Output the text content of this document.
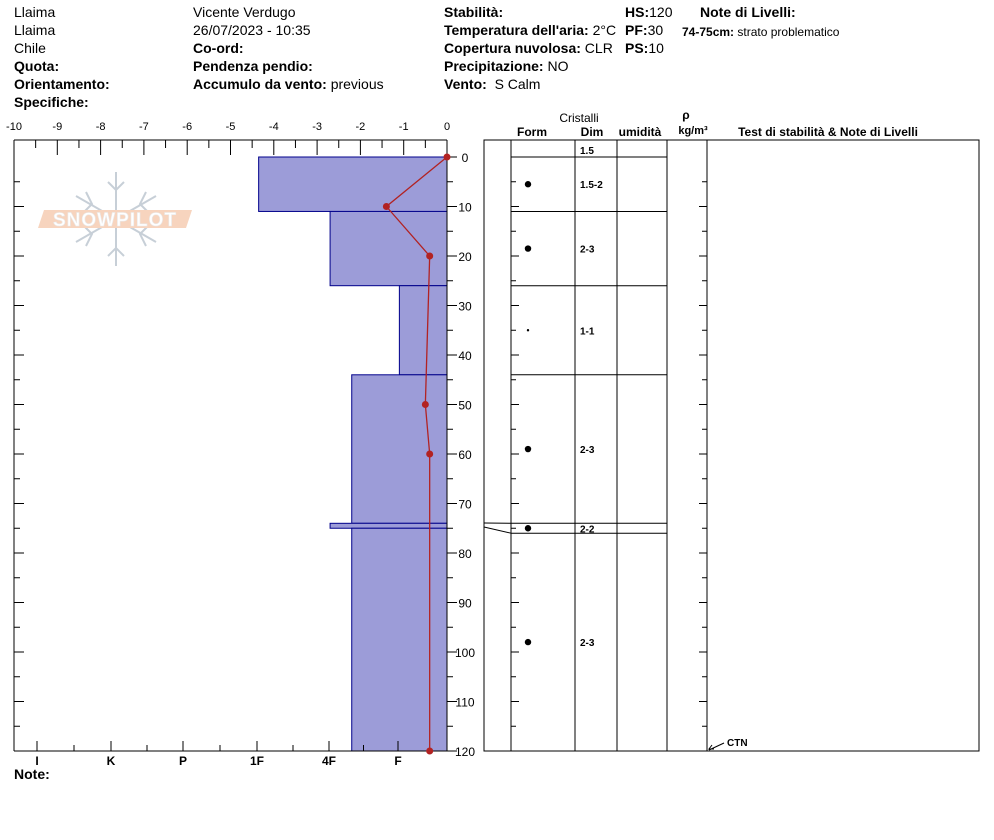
Llaima
Llaima
Chile
Quota:
Orientamento:
Specifiche:
Vicente Verdugo
26/07/2023 - 10:35
Co-ord:
Pendenza pendio:
Accumulo da vento: previous
Stabilità:
Temperatura dell'aria: 2°C
Copertura nuvolosa: CLR
Precipitazione: NO
Vento: S Calm
HS:120
PF:30
PS:10
Note di Livelli:
74-75cm: strato problematico
Note:
SNOWPILOT
-10	-9	-8	-7	-6	-5	-4	-3	-2	-1	0
0
10
20
30
40
50
60
70
80
90
100
110
120
I	K	P	1F	4F	F
Cristalli
Form	Dim umidità
ρ
kg/m³	Test di stabilità & Note di Livelli
1.5
1.5-2
2-3
1-1
2-3
2-2
2-3
CTN
